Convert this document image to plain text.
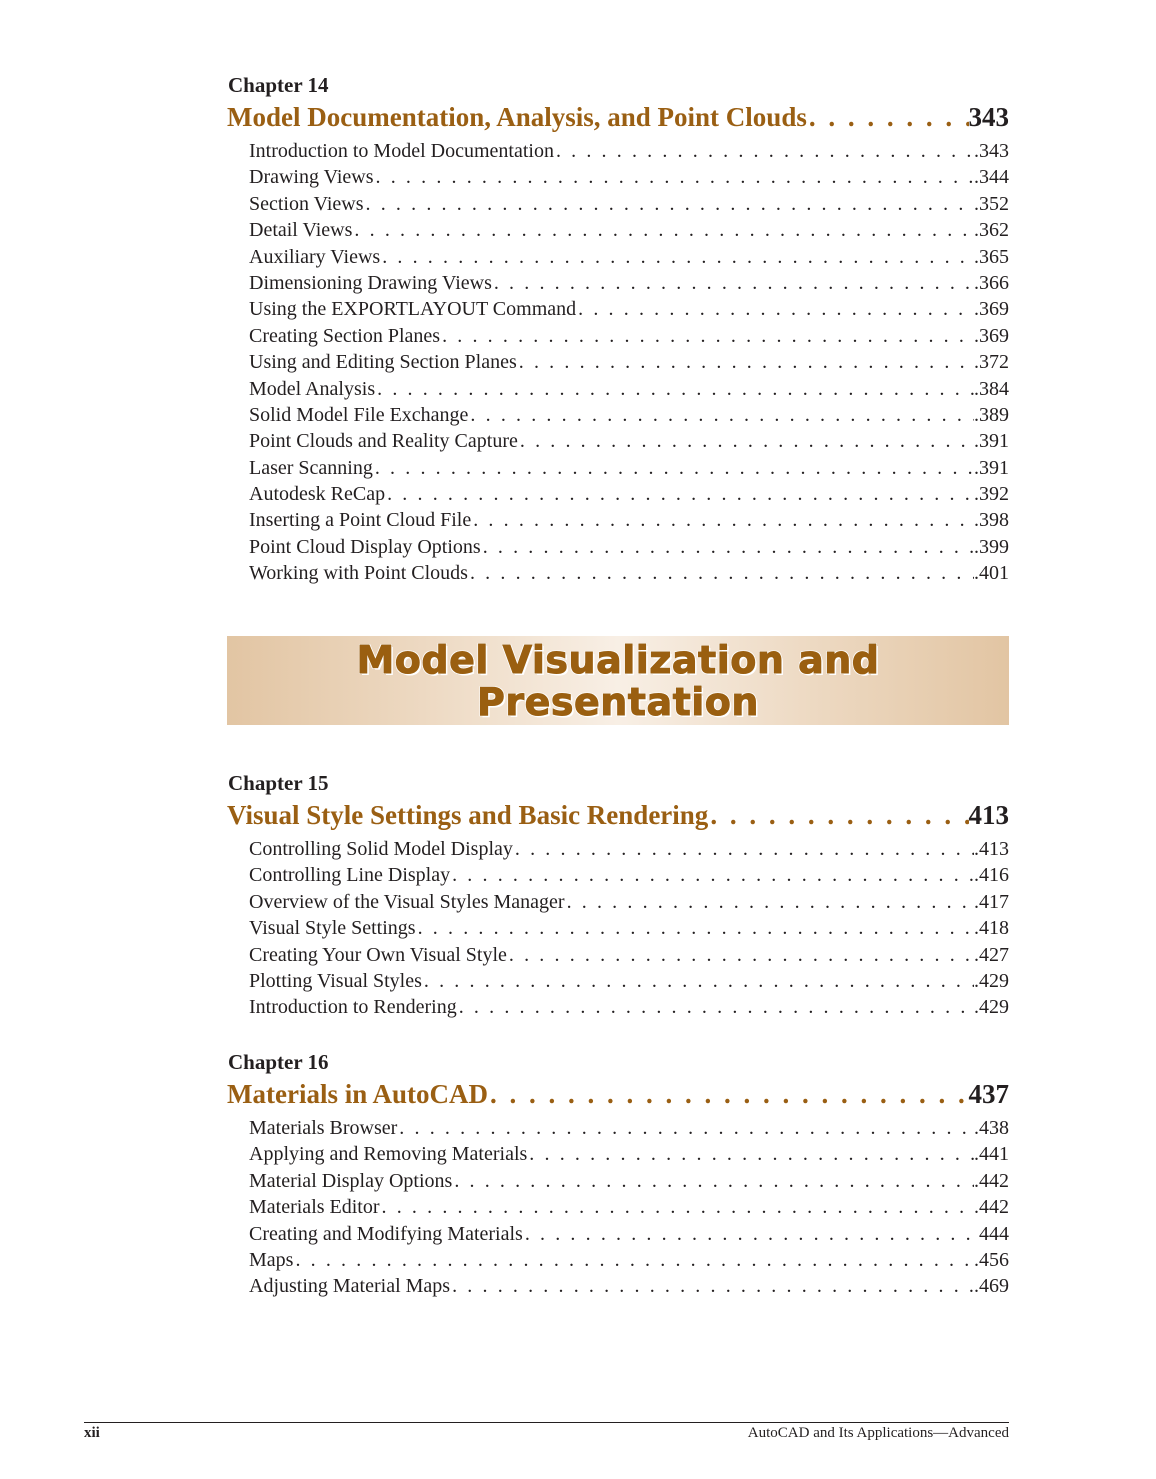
Chapter 14
Model Documentation, Analysis, and Point Clouds . . .	343
Introduction to Model Documentation . . .	.343
Drawing Views . . .	.344
Section Views . . .	.352
Detail Views . . .	.362
Auxiliary Views . . .	.365
Dimensioning Drawing Views . . .	.366
Using the EXPORTLAYOUT Command . . .	.369
Creating Section Planes . . .	.369
Using and Editing Section Planes . . .	.372
Model Analysis . . .	.384
Solid Model File Exchange . . .	.389
Point Clouds and Reality Capture . . .	.391
Laser Scanning . . .	.391
Autodesk ReCap . . .	.392
Inserting a Point Cloud File . . .	.398
Point Cloud Display Options . . .	.399
Working with Point Clouds . . .	.401
Model Visualization and
Presentation
Chapter 15
Visual Style Settings and Basic Rendering . . .	413
Controlling Solid Model Display . . .	.413
Controlling Line Display . . .	.416
Overview of the Visual Styles Manager . . .	.417
Visual Style Settings . . .	.418
Creating Your Own Visual Style . . .	.427
Plotting Visual Styles . . .	.429
Introduction to Rendering . . .	.429
Chapter 16
Materials in AutoCAD . . .	437
Materials Browser . . .	.438
Applying and Removing Materials . . .	.441
Material Display Options . . .	.442
Materials Editor . . .	.442
Creating and Modifying Materials . . .	444
Maps . . .	.456
Adjusting Material Maps . . .	.469
xii	AutoCAD and Its Applications—Advanced
